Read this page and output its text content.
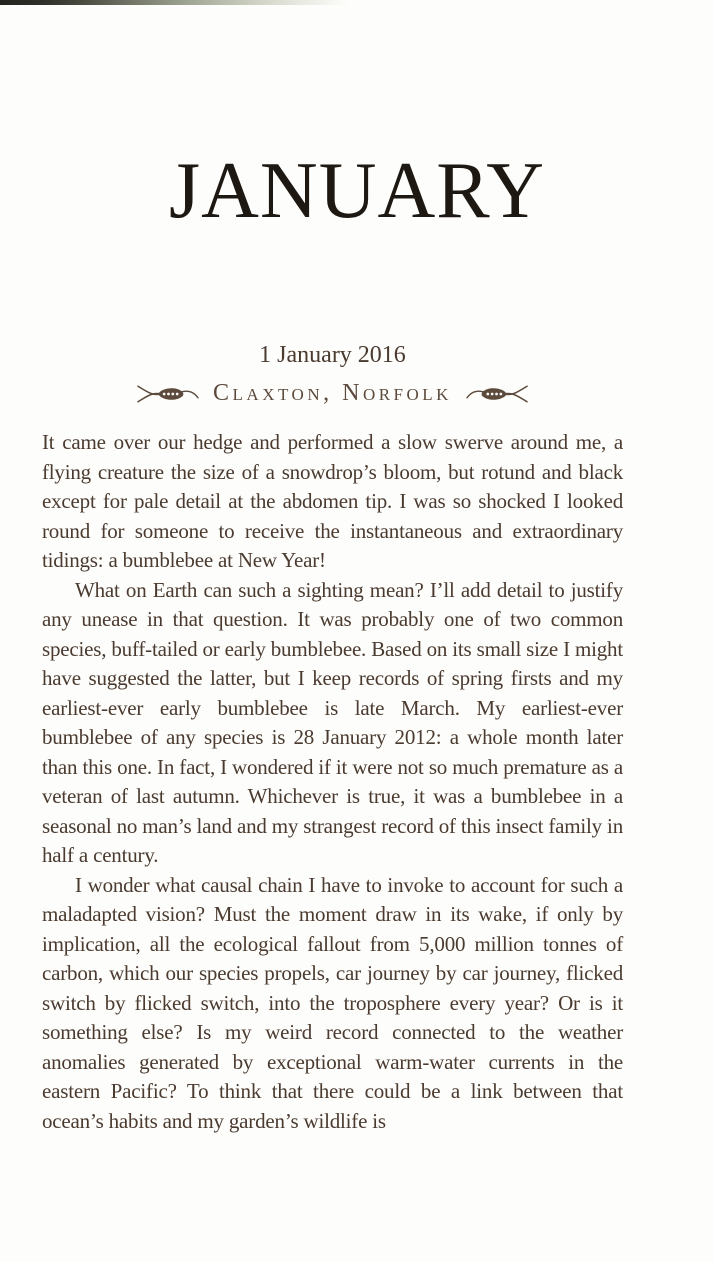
JANUARY
1 January 2016
Claxton, Norfolk

It came over our hedge and performed a slow swerve around me, a flying creature the size of a snowdrop’s bloom, but rotund and black except for pale detail at the abdomen tip. I was so shocked I looked round for someone to receive the instantaneous and extraordinary tidings: a bumblebee at New Year!

What on Earth can such a sighting mean? I’ll add detail to justify any unease in that question. It was probably one of two common species, buff-tailed or early bumblebee. Based on its small size I might have suggested the latter, but I keep records of spring firsts and my earliest-ever early bumblebee is late March. My earliest-ever bumblebee of any species is 28 January 2012: a whole month later than this one. In fact, I wondered if it were not so much premature as a veteran of last autumn. Whichever is true, it was a bumblebee in a seasonal no man’s land and my strangest record of this insect family in half a century.

I wonder what causal chain I have to invoke to account for such a maladapted vision? Must the moment draw in its wake, if only by implication, all the ecological fallout from 5,000 million tonnes of carbon, which our species propels, car journey by car journey, flicked switch by flicked switch, into the troposphere every year? Or is it something else? Is my weird record connected to the weather anomalies generated by exceptional warm-water currents in the eastern Pacific? To think that there could be a link between that ocean’s habits and my garden’s wildlife is
